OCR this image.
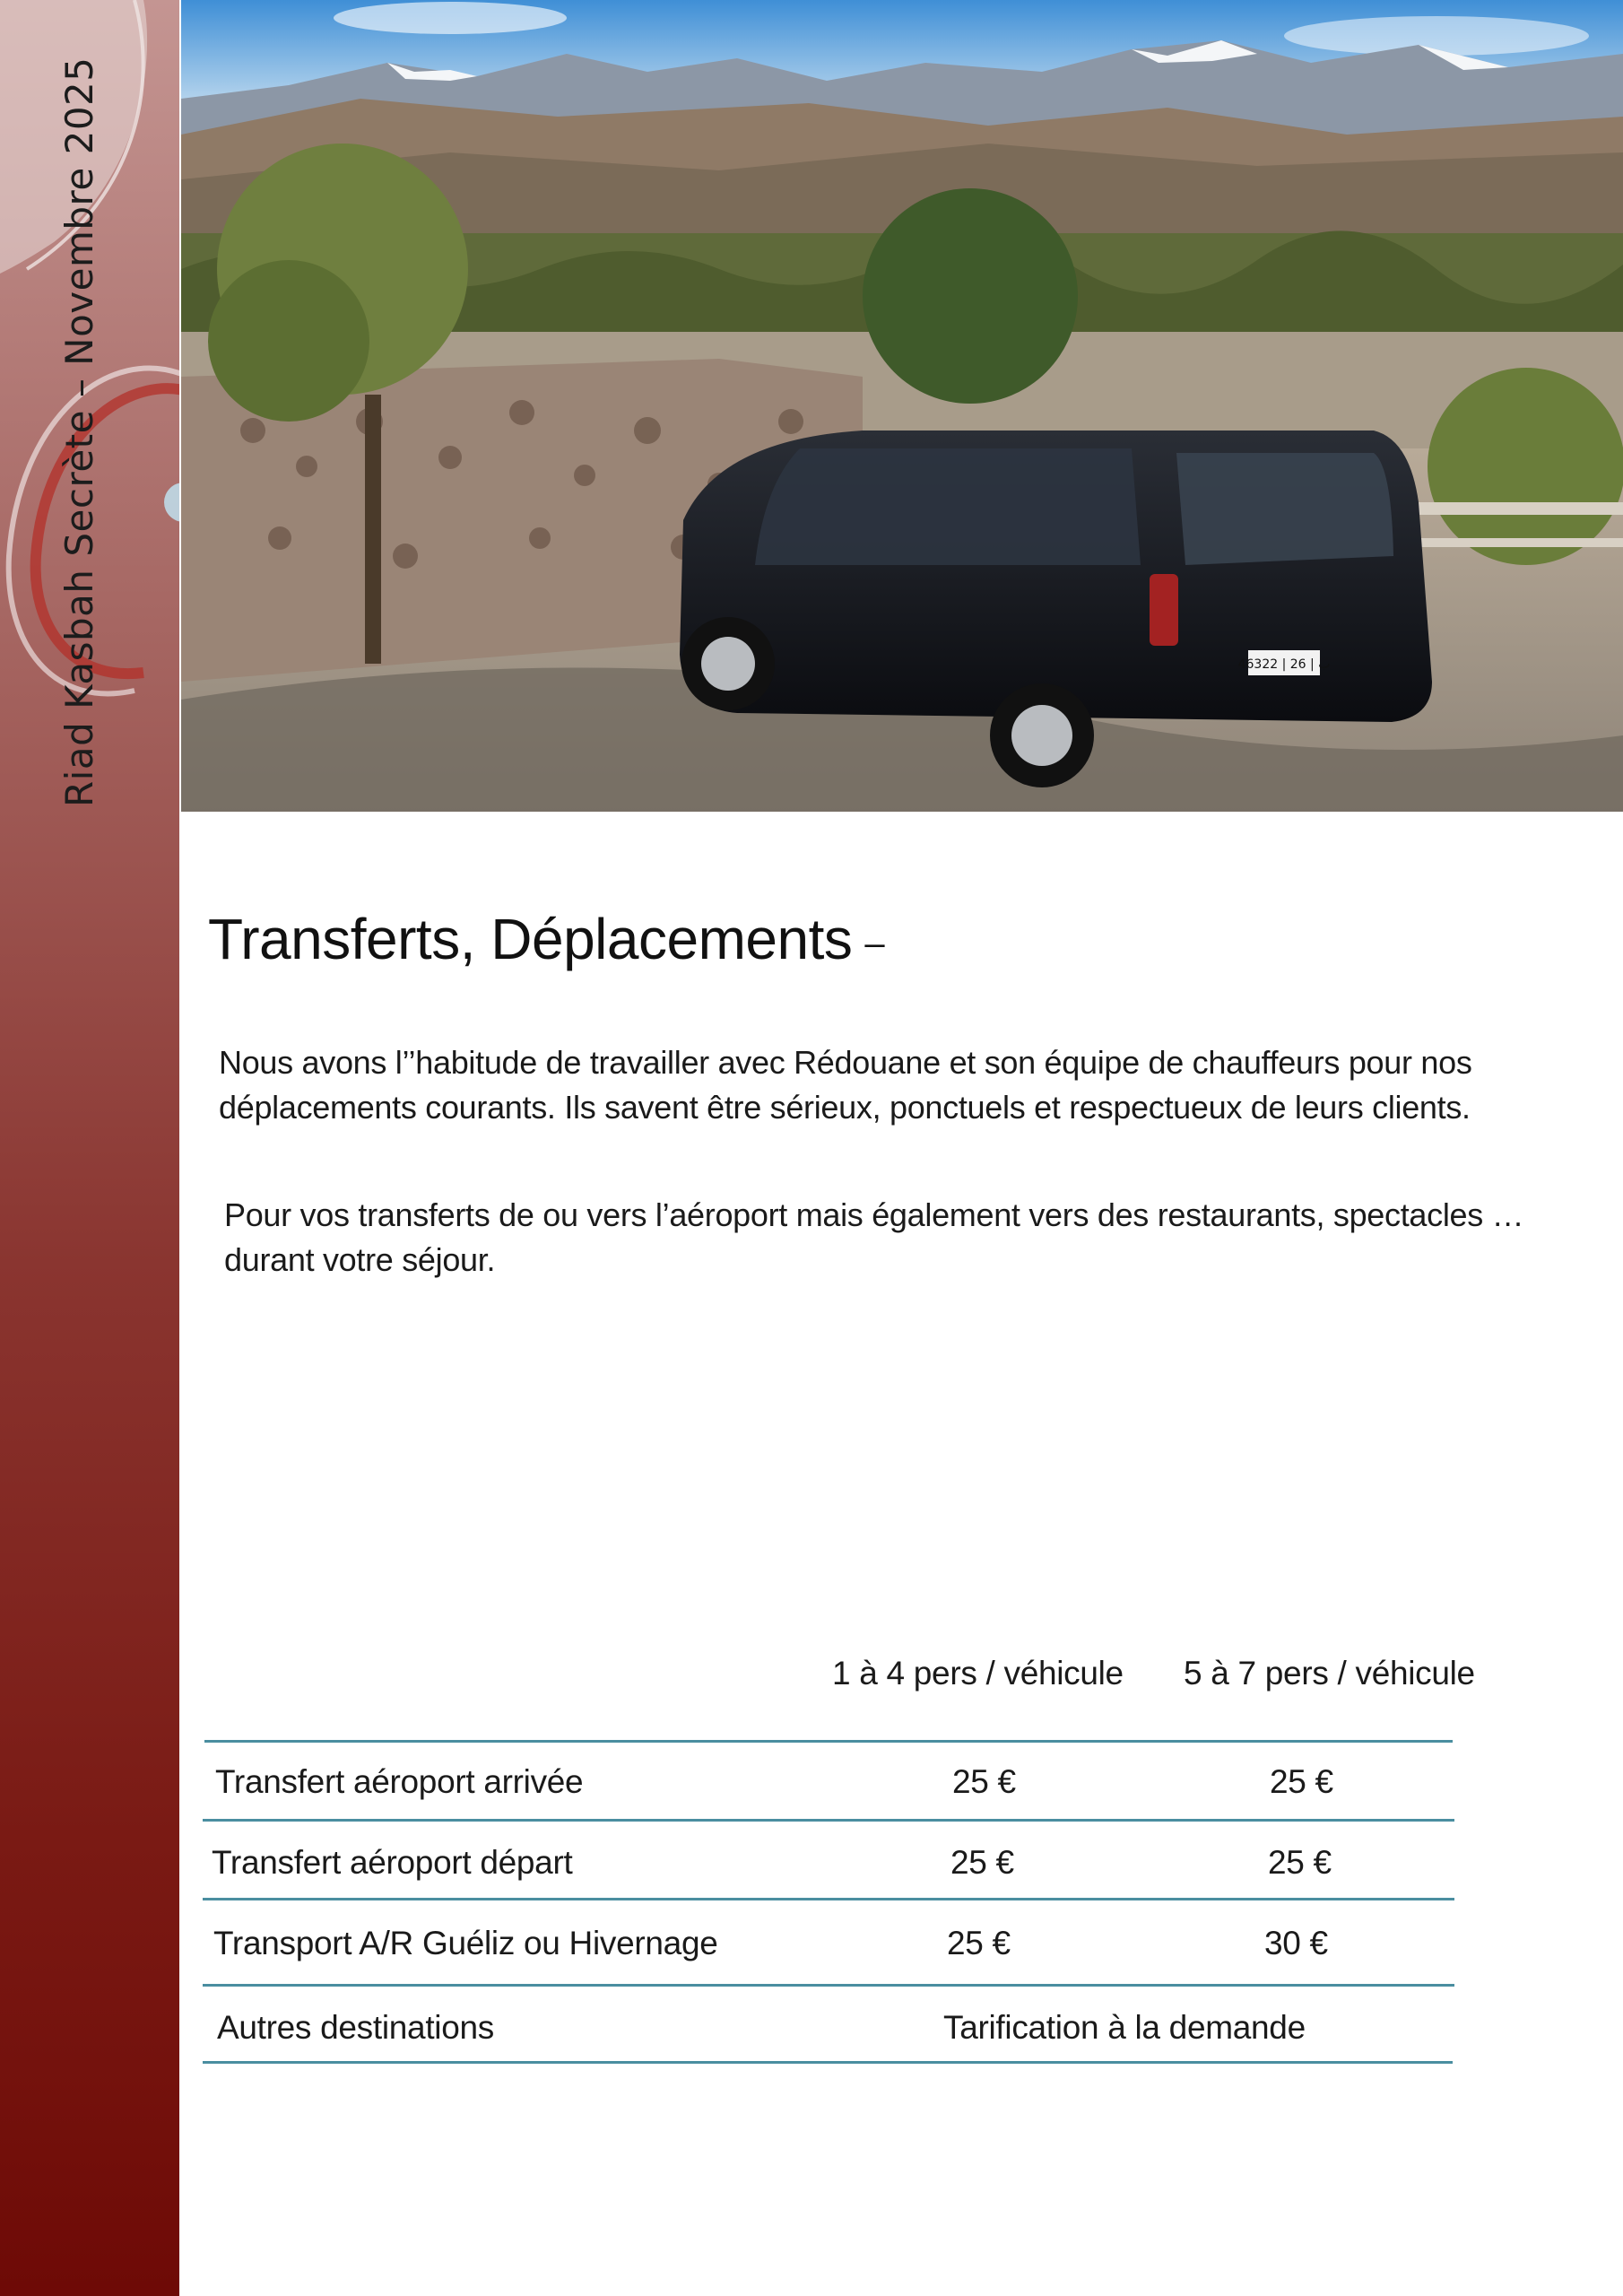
Riad Kasbah Secrète – Novembre 2025	46322 | ب | 26
Transferts, Déplacements –
Nous avons l’’habitude de travailler avec Rédouane et son équipe de chauffeurs pour nos déplacements courants. Ils savent être sérieux, ponctuels et respectueux de leurs clients.
Pour vos transferts de ou vers l’aéroport mais également vers des restaurants, spectacles … durant votre séjour.
1 à 4 pers / véhicule 5 à 7 pers / véhicule
Transfert aéroport arrivée	25 €	25 €
Transfert aéroport départ	25 €	25 €
Transport A/R Guéliz ou Hivernage	25 €	30 €
Autres destinations	Tarification à la demande
